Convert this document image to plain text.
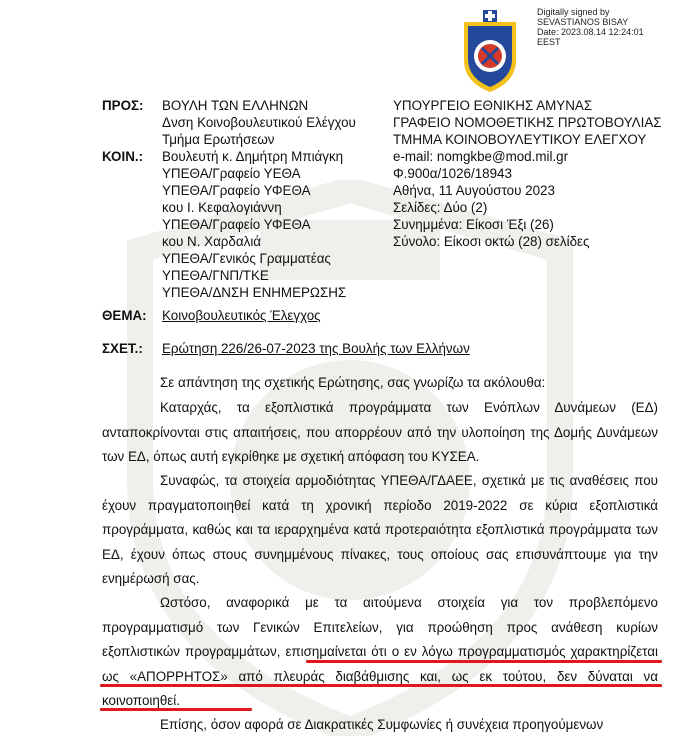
Digitally signed by
SEVASTIANOS BISAY
Date: 2023.08.14 12:24:01
EEST
ΠΡΟΣ: ΒΟΥΛΗ ΤΩΝ ΕΛΛΗΝΩΝ
Δνση Κοινοβουλευτικού Ελέγχου
Τμήμα Ερωτήσεων
ΚΟΙΝ.: Βουλευτή κ. Δημήτρη Μπιάγκη
ΥΠΕΘΑ/Γραφείο ΥΕΘΑ
ΥΠΕΘΑ/Γραφείο ΥΦΕΘΑ
κου Ι. Κεφαλογιάννη
ΥΠΕΘΑ/Γραφείο ΥΦΕΘΑ
κου Ν. Χαρδαλιά
ΥΠΕΘΑ/Γενικός Γραμματέας
ΥΠΕΘΑ/ΓΝΠ/ΤΚΕ
ΥΠΕΘΑ/ΔΝΣΗ ΕΝΗΜΕΡΩΣΗΣ
ΥΠΟΥΡΓΕΙΟ ΕΘΝΙΚΗΣ ΑΜΥΝΑΣ
ΓΡΑΦΕΙΟ ΝΟΜΟΘΕΤΙΚΗΣ ΠΡΩΤΟΒΟΥΛΙΑΣ
ΤΜΗΜΑ ΚΟΙΝΟΒΟΥΛΕΥΤΙΚΟΥ ΕΛΕΓΧΟΥ
e-mail: nomgkbe@mod.mil.gr
Φ.900α/1026/18943
Αθήνα, 11 Αυγούστου 2023
Σελίδες: Δύο (2)
Συνημμένα: Είκοσι Έξι (26)
Σύνολο: Είκοσι οκτώ (28) σελίδες
ΘΕΜΑ: Κοινοβουλευτικός Έλεγχος
ΣΧΕΤ.: Ερώτηση 226/26-07-2023 της Βουλής των Ελλήνων

Σε απάντηση της σχετικής Ερώτησης, σας γνωρίζω τα ακόλουθα:

Καταρχάς, τα εξοπλιστικά προγράμματα των Ενόπλων Δυνάμεων (ΕΔ) ανταποκρίνονται στις απαιτήσεις, που απορρέουν από την υλοποίηση της Δομής Δυνάμεων των ΕΔ, όπως αυτή εγκρίθηκε με σχετική απόφαση του ΚΥΣΕΑ.

Συναφώς, τα στοιχεία αρμοδιότητας ΥΠΕΘΑ/ΓΔΑΕΕ, σχετικά με τις αναθέσεις που έχουν πραγματοποιηθεί κατά τη χρονική περίοδο 2019-2022 σε κύρια εξοπλιστικά προγράμματα, καθώς και τα ιεραρχημένα κατά προτεραιότητα εξοπλιστικά προγράμματα των ΕΔ, έχουν όπως στους συνημμένους πίνακες, τους οποίους σας επισυνάπτουμε για την ενημέρωσή σας.

Ωστόσο, αναφορικά με τα αιτούμενα στοιχεία για τον προβλεπόμενο προγραμματισμό των Γενικών Επιτελείων, για προώθηση προς ανάθεση κυρίων εξοπλιστικών προγραμμάτων, επισημαίνεται ότι ο εν λόγω προγραμματισμός χαρακτηρίζεται ως «ΑΠΟΡΡΗΤΟΣ» από πλευράς διαβάθμισης και, ως εκ τούτου, δεν δύναται να κοινοποιηθεί.

Επίσης, όσον αφορά σε Διακρατικές Συμφωνίες ή συνέχεια προηγούμενων
